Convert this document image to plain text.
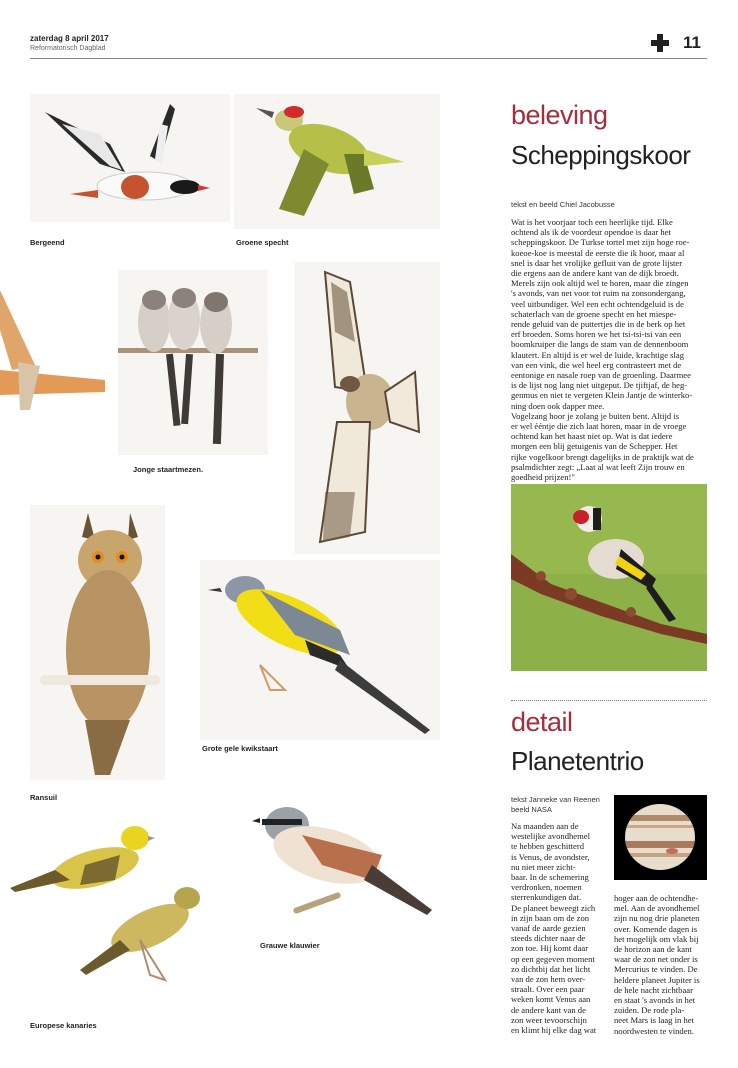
zaterdag 8 april 2017
Reformatorisch Dagblad	11
Bergeend	Groene specht
Jonge staartmezen.
Ransuil
Grote gele kwikstaart
Europese kanaries
Grauwe klauwier
beleving
Scheppingskoor
tekst en beeld Chiel Jacobusse
Wat is het voorjaar toch een heerlijke tijd. Elke
ochtend als ik de voordeur opendoe is daar het
scheppingskoor. De Turkse tortel met zijn hoge roe-
koeoe-koe is meestal de eerste die ik hoor, maar al
snel is daar het vrolijke gefluit van de grote lijster
die ergens aan de andere kant van de dijk broedt.
Merels zijn ook altijd wel te horen, maar die zingen
's avonds, van net voor tot ruim na zonsondergang,
veel uitbundiger. Wel een echt ochtendgeluid is de
schaterlach van de groene specht en het miespe-
rende geluid van de puttertjes die in de berk op het
erf broeden. Soms horen we het tsi-tsi-tsi van een
boomkruiper die langs de stam van de dennenboom
klautert. En altijd is er wel de luide, krachtige slag
van een vink, die wel heel erg contrasteert met de
eentonige en nasale roep van de groenling. Daarmee
is de lijst nog lang niet uitgeput. De tjiftjaf, de heg-
genmus en niet te vergeten Klein Jantje de winterko-
ning doen ook dapper mee.
Vogelzang hoor je zolang je buiten bent. Altijd is
er wel ééntje die zich laat horen, maar in de vroege
ochtend kan het haast niet op. Wat is dat iedere
morgen een blij getuigenis van de Schepper. Het
rijke vogelkoor brengt dagelijks in de praktijk wat de
psalmdichter zegt: „Laat al wat leeft Zijn trouw en
goedheid prijzen!"
detail
Planetentrio
tekst Janneke van Reenen
beeld NASA
Na maanden aan de
westelijke avondhemel
te hebben geschitterd
is Venus, de avondster,
nu niet meer zicht-
baar. In de schemering
verdronken, noemen
sterrenkundigen dat.
De planeet beweegt zich
in zijn baan om de zon
vanaf de aarde gezien
steeds dichter naar de
zon toe. Hij komt daar
op een gegeven moment
zo dichtbij dat het licht
van de zon hem over-
straalt. Over een paar
weken komt Venus aan
de andere kant van de
zon weer tevoorschijn
en klimt hij elke dag wat
hoger aan de ochtendhe-
mel. Aan de avondhemel
zijn nu nog drie planeten
over. Komende dagen is
het mogelijk om vlak bij
de horizon aan de kant
waar de zon net onder is
Mercurius te vinden. De
heldere planeet Jupiter is
de hele nacht zichtbaar
en staat 's avonds in het
zuiden. De rode pla-
neet Mars is laag in het
noordwesten te vinden.
